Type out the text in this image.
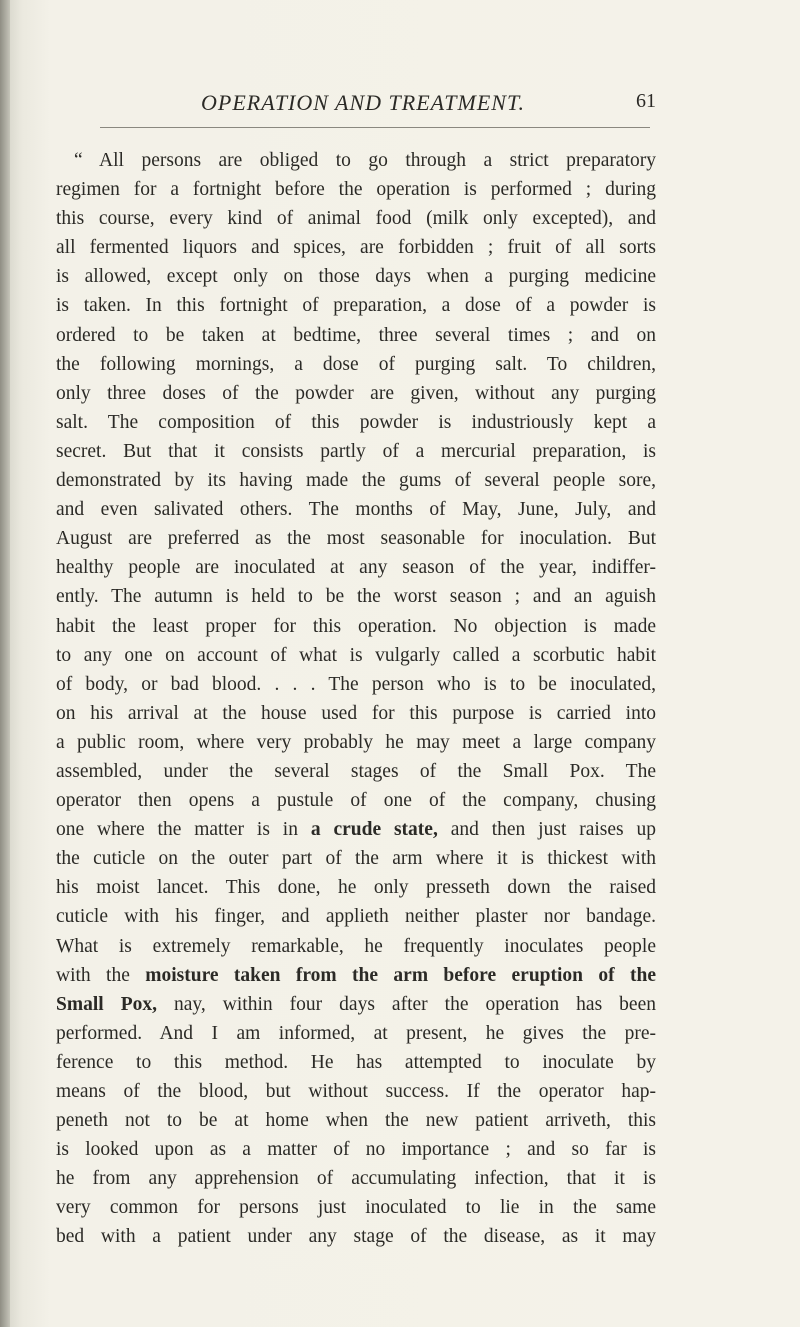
OPERATION AND TREATMENT.	61
“ All persons are obliged to go through a strict preparatory
regimen for a fortnight before the operation is performed ; during
this course, every kind of animal food (milk only excepted), and
all fermented liquors and spices, are forbidden ; fruit of all sorts
is allowed, except only on those days when a purging medicine
is taken. In this fortnight of preparation, a dose of a powder is
ordered to be taken at bedtime, three several times ; and on
the following mornings, a dose of purging salt. To children,
only three doses of the powder are given, without any purging
salt. The composition of this powder is industriously kept a
secret. But that it consists partly of a mercurial preparation, is
demonstrated by its having made the gums of several people sore,
and even salivated others. The months of May, June, July, and
August are preferred as the most seasonable for inoculation. But
healthy people are inoculated at any season of the year, indiffer-
ently. The autumn is held to be the worst season ; and an aguish
habit the least proper for this operation. No objection is made
to any one on account of what is vulgarly called a scorbutic habit
of body, or bad blood. . . . The person who is to be inoculated,
on his arrival at the house used for this purpose is carried into
a public room, where very probably he may meet a large company
assembled, under the several stages of the Small Pox. The
operator then opens a pustule of one of the company, chusing
one where the matter is in a crude state, and then just raises up
the cuticle on the outer part of the arm where it is thickest with
his moist lancet. This done, he only presseth down the raised
cuticle with his finger, and applieth neither plaster nor bandage.
What is extremely remarkable, he frequently inoculates people
with the moisture taken from the arm before eruption of the
Small Pox, nay, within four days after the operation has been
performed. And I am informed, at present, he gives the pre-
ference to this method. He has attempted to inoculate by
means of the blood, but without success. If the operator hap-
peneth not to be at home when the new patient arriveth, this
is looked upon as a matter of no importance ; and so far is
he from any apprehension of accumulating infection, that it is
very common for persons just inoculated to lie in the same
bed with a patient under any stage of the disease, as it may
